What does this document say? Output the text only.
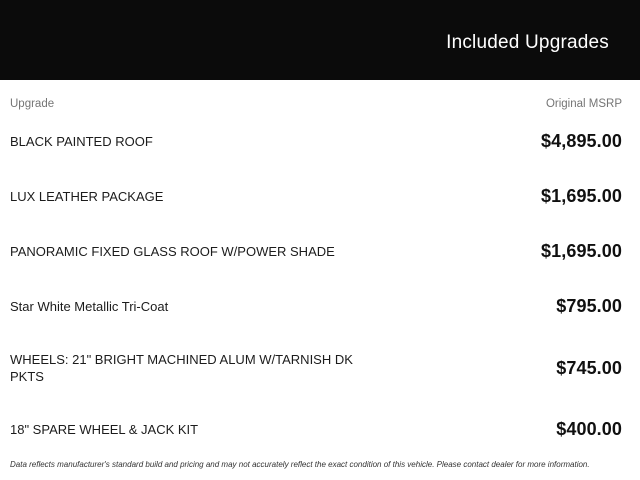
Included Upgrades
Upgrade	Original MSRP
BLACK PAINTED ROOF	$4,895.00
LUX LEATHER PACKAGE	$1,695.00
PANORAMIC FIXED GLASS ROOF W/POWER SHADE	$1,695.00
Star White Metallic Tri-Coat	$795.00
WHEELS: 21" BRIGHT MACHINED ALUM W/TARNISH DK PKTS	$745.00
18" SPARE WHEEL & JACK KIT	$400.00
Data reflects manufacturer's standard build and pricing and may not accurately reflect the exact condition of this vehicle. Please contact dealer for more information.
